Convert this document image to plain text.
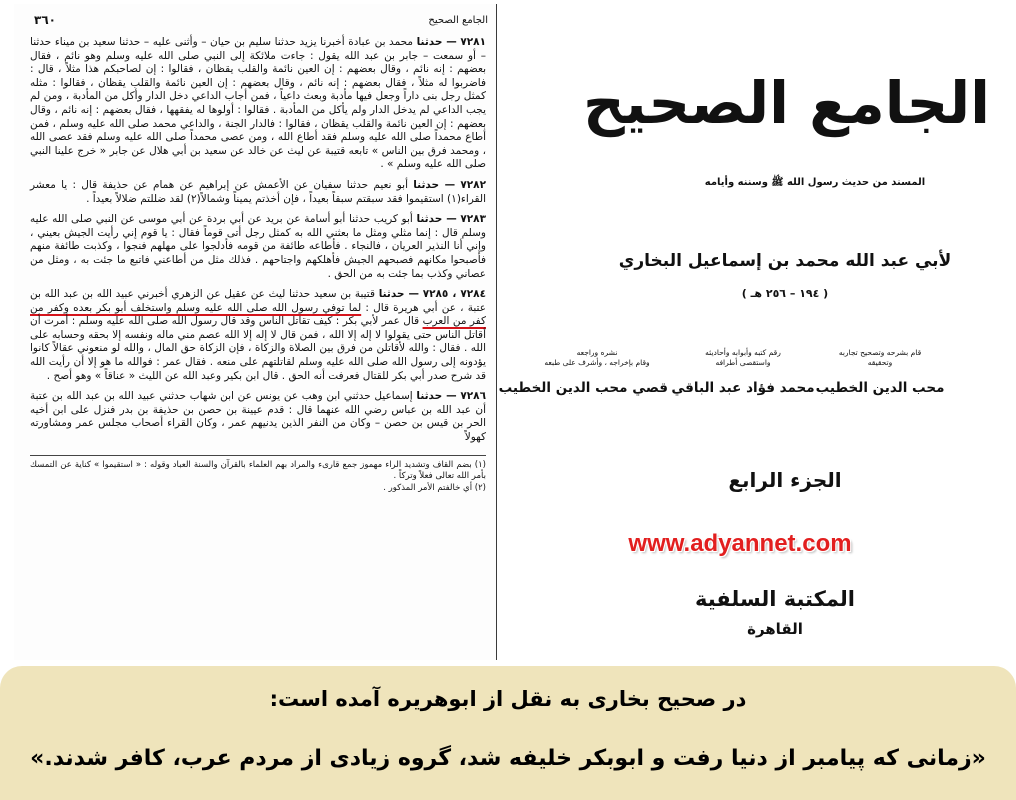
الجامع الصحيح
٣٦٠

٧٢٨١ — حدثنا محمد بن عبادة أخبرنا يزيد حدثنا سليم بن حيان – وأثنى عليه – حدثنا سعيد بن ميناء حدثنا – أو سمعت – جابر بن عبد الله يقول : جاءت ملائكة إلى النبي صلى الله عليه وسلم وهو نائم ، فقال بعضهم : إنه نائم ، وقال بعضهم : إن العين نائمة والقلب يقظان ، فقالوا : إن لصاحبكم هذا مثلاً ، قال : فاضربوا له مثلاً ، فقال بعضهم : إنه نائم ، وقال بعضهم : إن العين نائمة والقلب يقظان ، فقالوا : مثله كمثل رجل بنى داراً وجعل فيها مأدبة وبعث داعياً ، فمن أجاب الداعي دخل الدار وأكل من المأدبة ، ومن لم يجب الداعي لم يدخل الدار ولم يأكل من المأدبة . فقالوا : أولوها له يفقهها ، فقال بعضهم : إنه نائم ، وقال بعضهم : إن العين نائمة والقلب يقظان ، فقالوا : فالدار الجنة ، والداعي محمد صلى الله عليه وسلم ، فمن أطاع محمداً صلى الله عليه وسلم فقد أطاع الله ، ومن عصى محمداً صلى الله عليه وسلم فقد عصى الله ، ومحمد فرق بين الناس » تابعه قتيبة عن ليث عن خالد عن سعيد بن أبي هلال عن جابر « خرج علينا النبي صلى الله عليه وسلم » .

٧٢٨٢ — حدثنا أبو نعيم حدثنا سفيان عن الأعمش عن إبراهيم عن همام عن حذيفة قال : يا معشر القراء(١) استقيموا فقد سبقتم سبقاً بعيداً ، فإن أخذتم يميناً وشمالاً(٢) لقد ضللتم ضلالاً بعيداً .

٧٢٨٣ — حدثنا أبو كريب حدثنا أبو أسامة عن بريد عن أبي بردة عن أبي موسى عن النبي صلى الله عليه وسلم قال : إنما مثلي ومثل ما بعثني الله به كمثل رجل أتى قوماً فقال : يا قوم إني رأيت الجيش بعيني ، وإني أنا النذير العريان ، فالنجاء . فأطاعه طائفة من قومه فأدلجوا على مهلهم فنجوا ، وكذبت طائفة منهم فأصبحوا مكانهم فصبحهم الجيش فأهلكهم واجتاحهم . فذلك مثل من أطاعني فاتبع ما جئت به ، ومثل من عصاني وكذب بما جئت به من الحق .

٧٢٨٤ ، ٧٢٨٥ — حدثنا قتيبة بن سعيد حدثنا ليث عن عقيل عن الزهري أخبرني عبيد الله بن عبد الله بن عتبة ، عن أبي هريرة قال : لما توفي رسول الله صلى الله عليه وسلم واستخلف أبو بكر بعده وكفر من كفر من العرب قال عمر لأبي بكر : كيف تقاتل الناس وقد قال رسول الله صلى الله عليه وسلم : أمرت أن أقاتل الناس حتى يقولوا لا إله إلا الله ، فمن قال لا إله إلا الله عصم مني ماله ونفسه إلا بحقه وحسابه على الله . فقال : والله لأقاتلن من فرق بين الصلاة والزكاة ، فإن الزكاة حق المال ، والله لو منعوني عقالاً كانوا يؤدونه إلى رسول الله صلى الله عليه وسلم لقاتلتهم على منعه . فقال عمر : فوالله ما هو إلا أن رأيت الله قد شرح صدر أبي بكر للقتال فعرفت أنه الحق . قال ابن بكير وعبد الله عن الليث « عناقاً » وهو أصح .

٧٢٨٦ — حدثنا إسماعيل حدثني ابن وهب عن يونس عن ابن شهاب حدثني عبيد الله بن عبد الله بن عتبة أن عبد الله بن عباس رضي الله عنهما قال : قدم عيينة بن حصن بن حذيفة بن بدر فنزل على ابن أخيه الحر بن قيس بن حصن – وكان من النفر الذين يدنيهم عمر ، وكان القراء أصحاب مجلس عمر ومشاورته كهولاً

(١) بضم القاف وتشديد الراء مهموز جمع قارىء والمراد بهم العلماء بالقرآن والسنة العباد وقوله : « استقيموا » كناية عن التمسك بأمر الله تعالى فعلاً وتركاً .

(٢) أي خالفتم الأمر المذكور .

الجامع الصحيح
المسند من حديث رسول الله ﷺ وسننه وأيامه
لأبي عبد الله محمد بن إسماعيل البخاري
( ١٩٤ – ٢٥٦ هـ )
قام بشرحه وتصحيح تجاربه
وتحقيقه
محب الدين الخطيب
رقم كتبه وأبوابه وأحاديثه
واستقصى أطرافه
محمد فؤاد عبد الباقي
نشره وراجعه
وقام بإخراجه ، وأشرف على طبعه
قصي محب الدين الخطيب
الجزء الرابع
www.adyannet.com
المكتبة السلفية
القاهرة
در صحیح بخاری به نقل از ابوهریره آمده است:
«زمانی که پیامبر از دنیا رفت و ابوبکر خلیفه شد، گروه زیادی از مردم عرب، کافر شدند.»
